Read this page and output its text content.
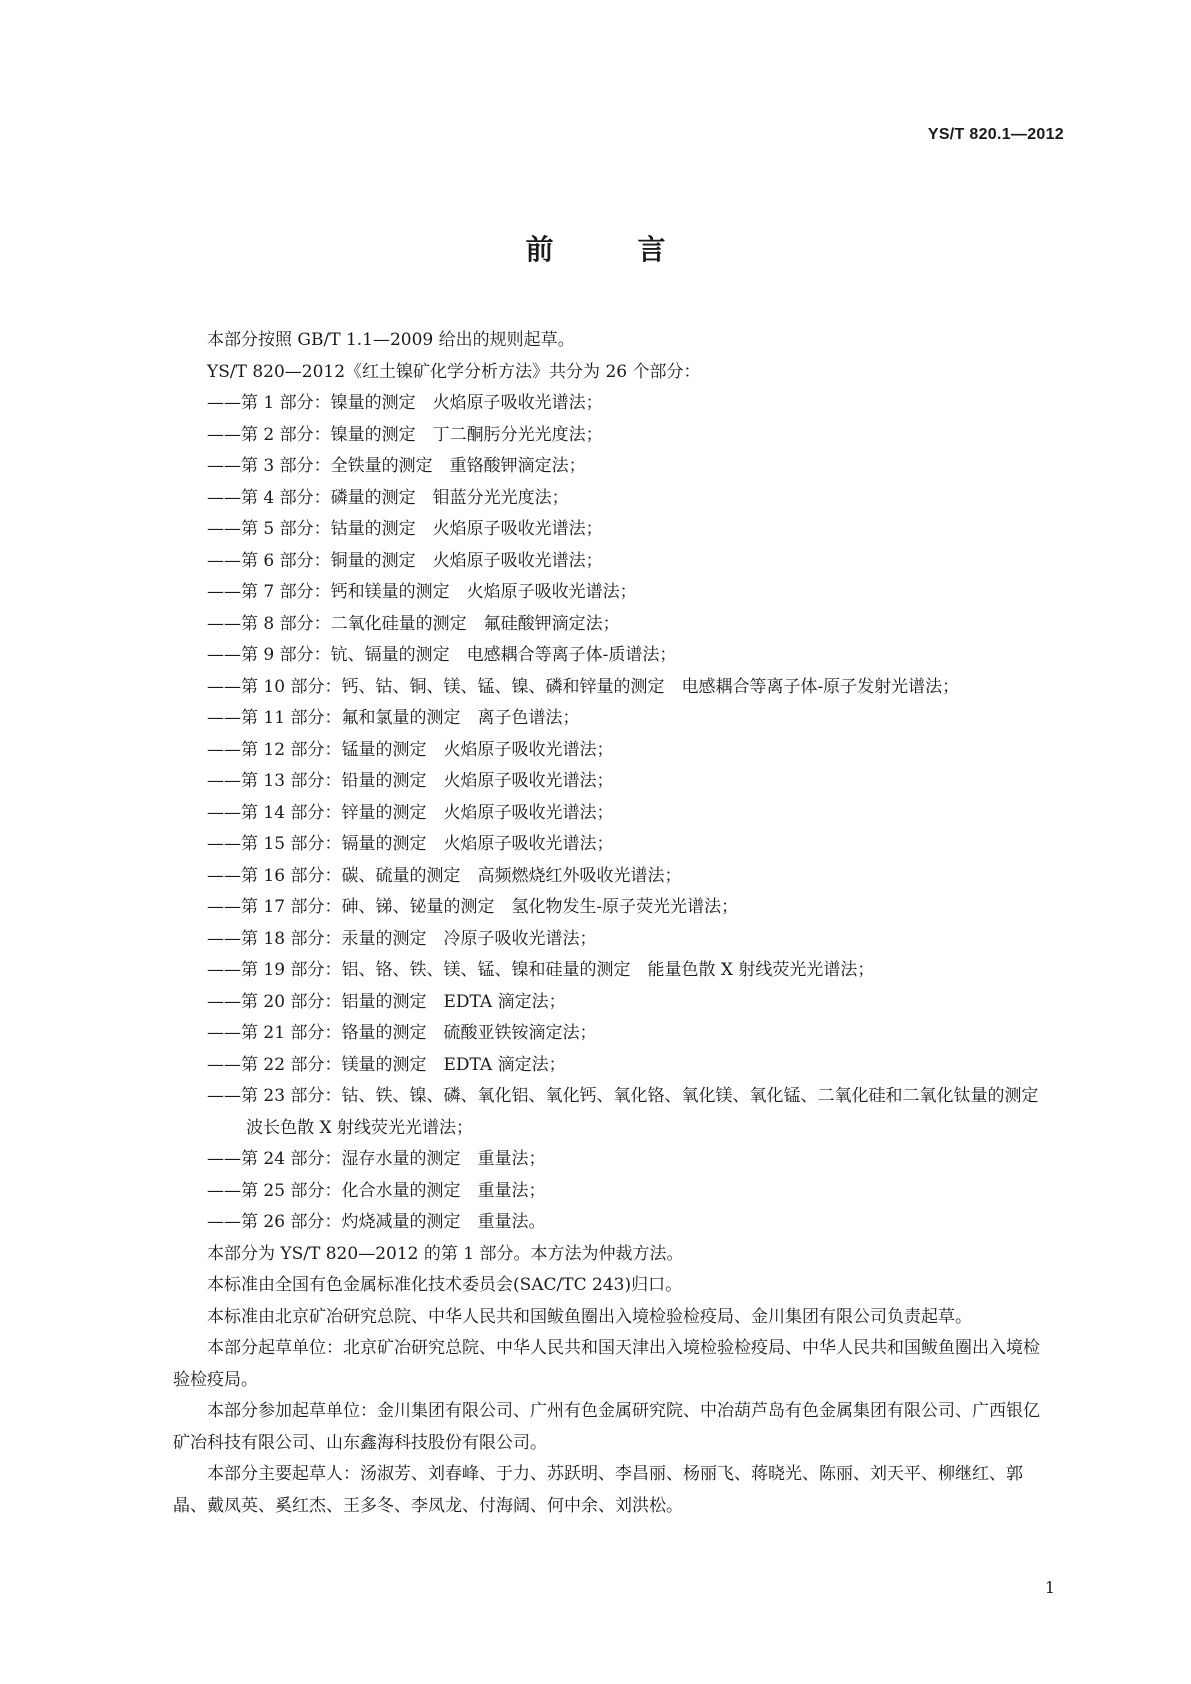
YS/T 820.1—2012
前　言

本部分按照 GB/T 1.1—2009 给出的规则起草。

YS/T 820—2012《红土镍矿化学分析方法》共分为 26 个部分：

——第 1 部分：镍量的测定　火焰原子吸收光谱法；

——第 2 部分：镍量的测定　丁二酮肟分光光度法；

——第 3 部分：全铁量的测定　重铬酸钾滴定法；

——第 4 部分：磷量的测定　钼蓝分光光度法；

——第 5 部分：钴量的测定　火焰原子吸收光谱法；

——第 6 部分：铜量的测定　火焰原子吸收光谱法；

——第 7 部分：钙和镁量的测定　火焰原子吸收光谱法；

——第 8 部分：二氧化硅量的测定　氟硅酸钾滴定法；

——第 9 部分：钪、镉量的测定　电感耦合等离子体-质谱法；

——第 10 部分：钙、钴、铜、镁、锰、镍、磷和锌量的测定　电感耦合等离子体-原子发射光谱法；

——第 11 部分：氟和氯量的测定　离子色谱法；

——第 12 部分：锰量的测定　火焰原子吸收光谱法；

——第 13 部分：铅量的测定　火焰原子吸收光谱法；

——第 14 部分：锌量的测定　火焰原子吸收光谱法；

——第 15 部分：镉量的测定　火焰原子吸收光谱法；

——第 16 部分：碳、硫量的测定　高频燃烧红外吸收光谱法；

——第 17 部分：砷、锑、铋量的测定　氢化物发生-原子荧光光谱法；

——第 18 部分：汞量的测定　冷原子吸收光谱法；

——第 19 部分：铝、铬、铁、镁、锰、镍和硅量的测定　能量色散 X 射线荧光光谱法；

——第 20 部分：铝量的测定　EDTA 滴定法；

——第 21 部分：铬量的测定　硫酸亚铁铵滴定法；

——第 22 部分：镁量的测定　EDTA 滴定法；

——第 23 部分：钴、铁、镍、磷、氧化铝、氧化钙、氧化铬、氧化镁、氧化锰、二氧化硅和二氧化钛量的测定　波长色散 X 射线荧光光谱法；

——第 24 部分：湿存水量的测定　重量法；

——第 25 部分：化合水量的测定　重量法；

——第 26 部分：灼烧减量的测定　重量法。

本部分为 YS/T 820—2012 的第 1 部分。本方法为仲裁方法。

本标准由全国有色金属标准化技术委员会(SAC/TC 243)归口。

本标准由北京矿冶研究总院、中华人民共和国鲅鱼圈出入境检验检疫局、金川集团有限公司负责起草。

本部分起草单位：北京矿冶研究总院、中华人民共和国天津出入境检验检疫局、中华人民共和国鲅鱼圈出入境检验检疫局。

本部分参加起草单位：金川集团有限公司、广州有色金属研究院、中冶葫芦岛有色金属集团有限公司、广西银亿矿冶科技有限公司、山东鑫海科技股份有限公司。

本部分主要起草人：汤淑芳、刘春峰、于力、苏跃明、李昌丽、杨丽飞、蒋晓光、陈丽、刘天平、柳继红、郭晶、戴凤英、奚红杰、王多冬、李凤龙、付海阔、何中余、刘洪松。

1
